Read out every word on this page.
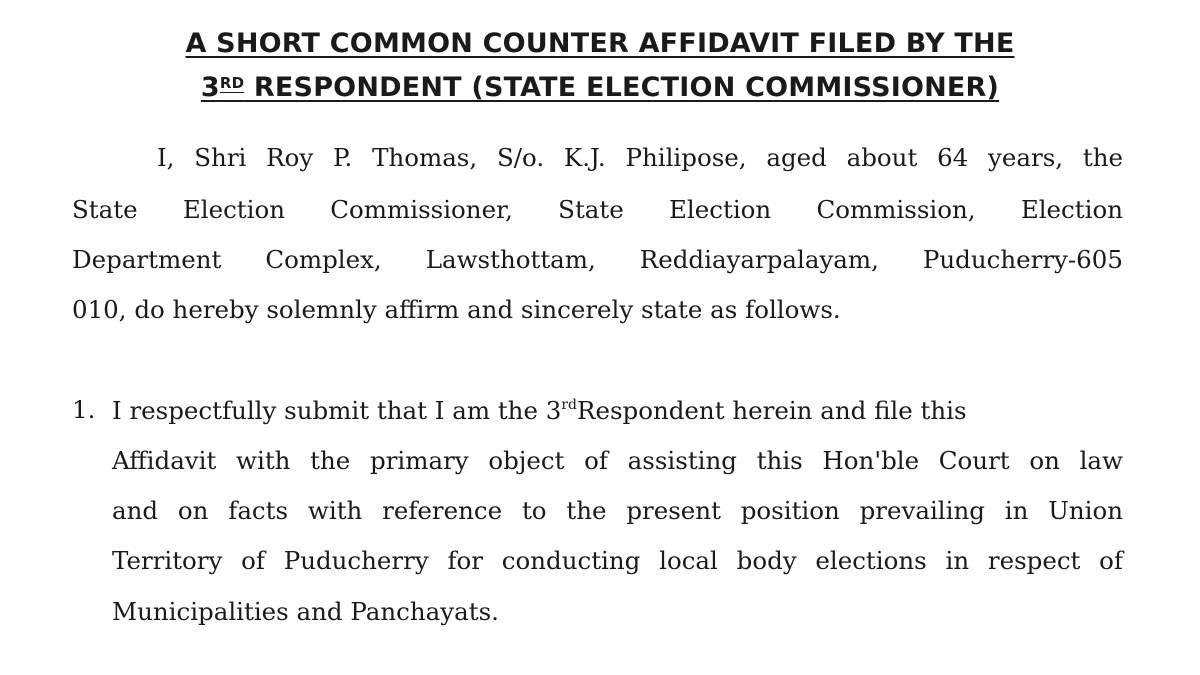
A SHORT COMMON COUNTER AFFIDAVIT FILED BY THE
3RD RESPONDENT (STATE ELECTION COMMISSIONER)
I, Shri Roy P. Thomas, S/o. K.J. Philipose, aged about 64 years, the
State Election Commissioner, State Election Commission, Election
Department Complex, Lawsthottam, Reddiayarpalayam, Puducherry-605
010, do hereby solemnly affirm and sincerely state as follows.
1. I respectfully submit that I am the 3rdRespondent herein and file this
Affidavit with the primary object of assisting this Hon'ble Court on law
and on facts with reference to the present position prevailing in Union
Territory of Puducherry for conducting local body elections in respect of
Municipalities and Panchayats.
